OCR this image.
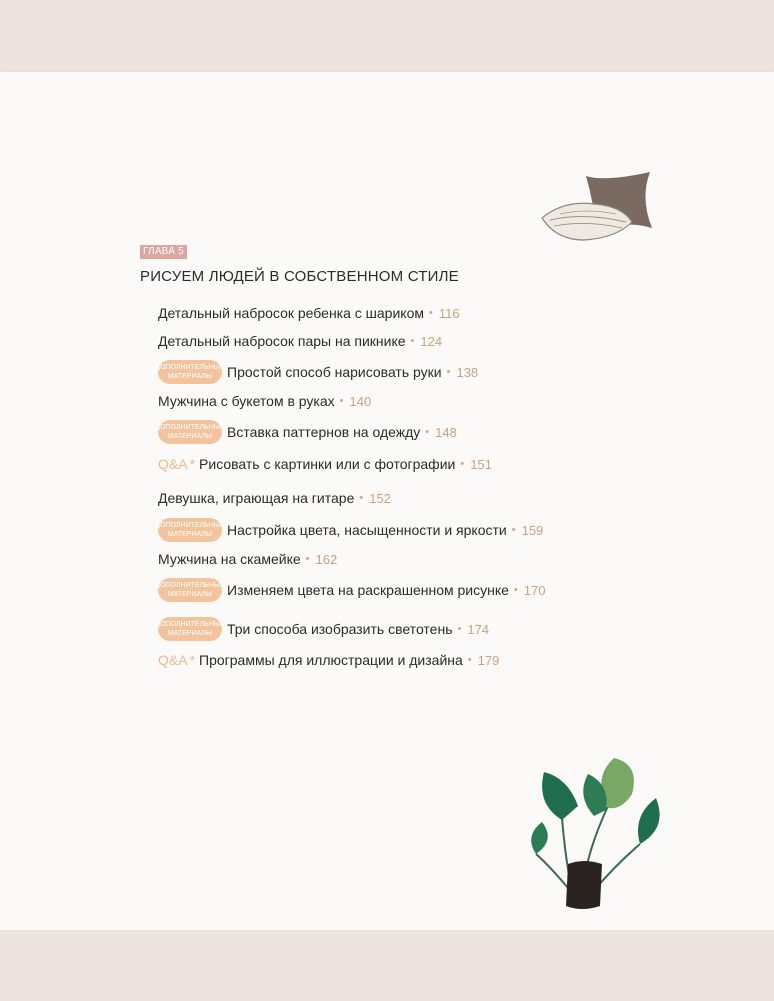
ГЛАВА 5
РИСУЕМ ЛЮДЕЙ В СОБСТВЕННОМ СТИЛЕ
Детальный набросок ребенка с шариком • 116
Детальный набросок пары на пикнике • 124
ДОПОЛНИТЕЛЬНЫЕ
МАТЕРИАЛЫ Простой способ нарисовать руки • 138
Мужчина с букетом в руках • 140
ДОПОЛНИТЕЛЬНЫЕ
МАТЕРИАЛЫ Вставка паттернов на одежду • 148
Q&A * Рисовать с картинки или с фотографии • 151
Девушка, играющая на гитаре • 152
ДОПОЛНИТЕЛЬНЫЕ
МАТЕРИАЛЫ Настройка цвета, насыщенности и яркости • 159
Мужчина на скамейке • 162
ДОПОЛНИТЕЛЬНЫЕ
МАТЕРИАЛЫ Изменяем цвета на раскрашенном рисунке • 170
ДОПОЛНИТЕЛЬНЫЕ
МАТЕРИАЛЫ Три способа изобразить светотень • 174
Q&A * Программы для иллюстрации и дизайна • 179
